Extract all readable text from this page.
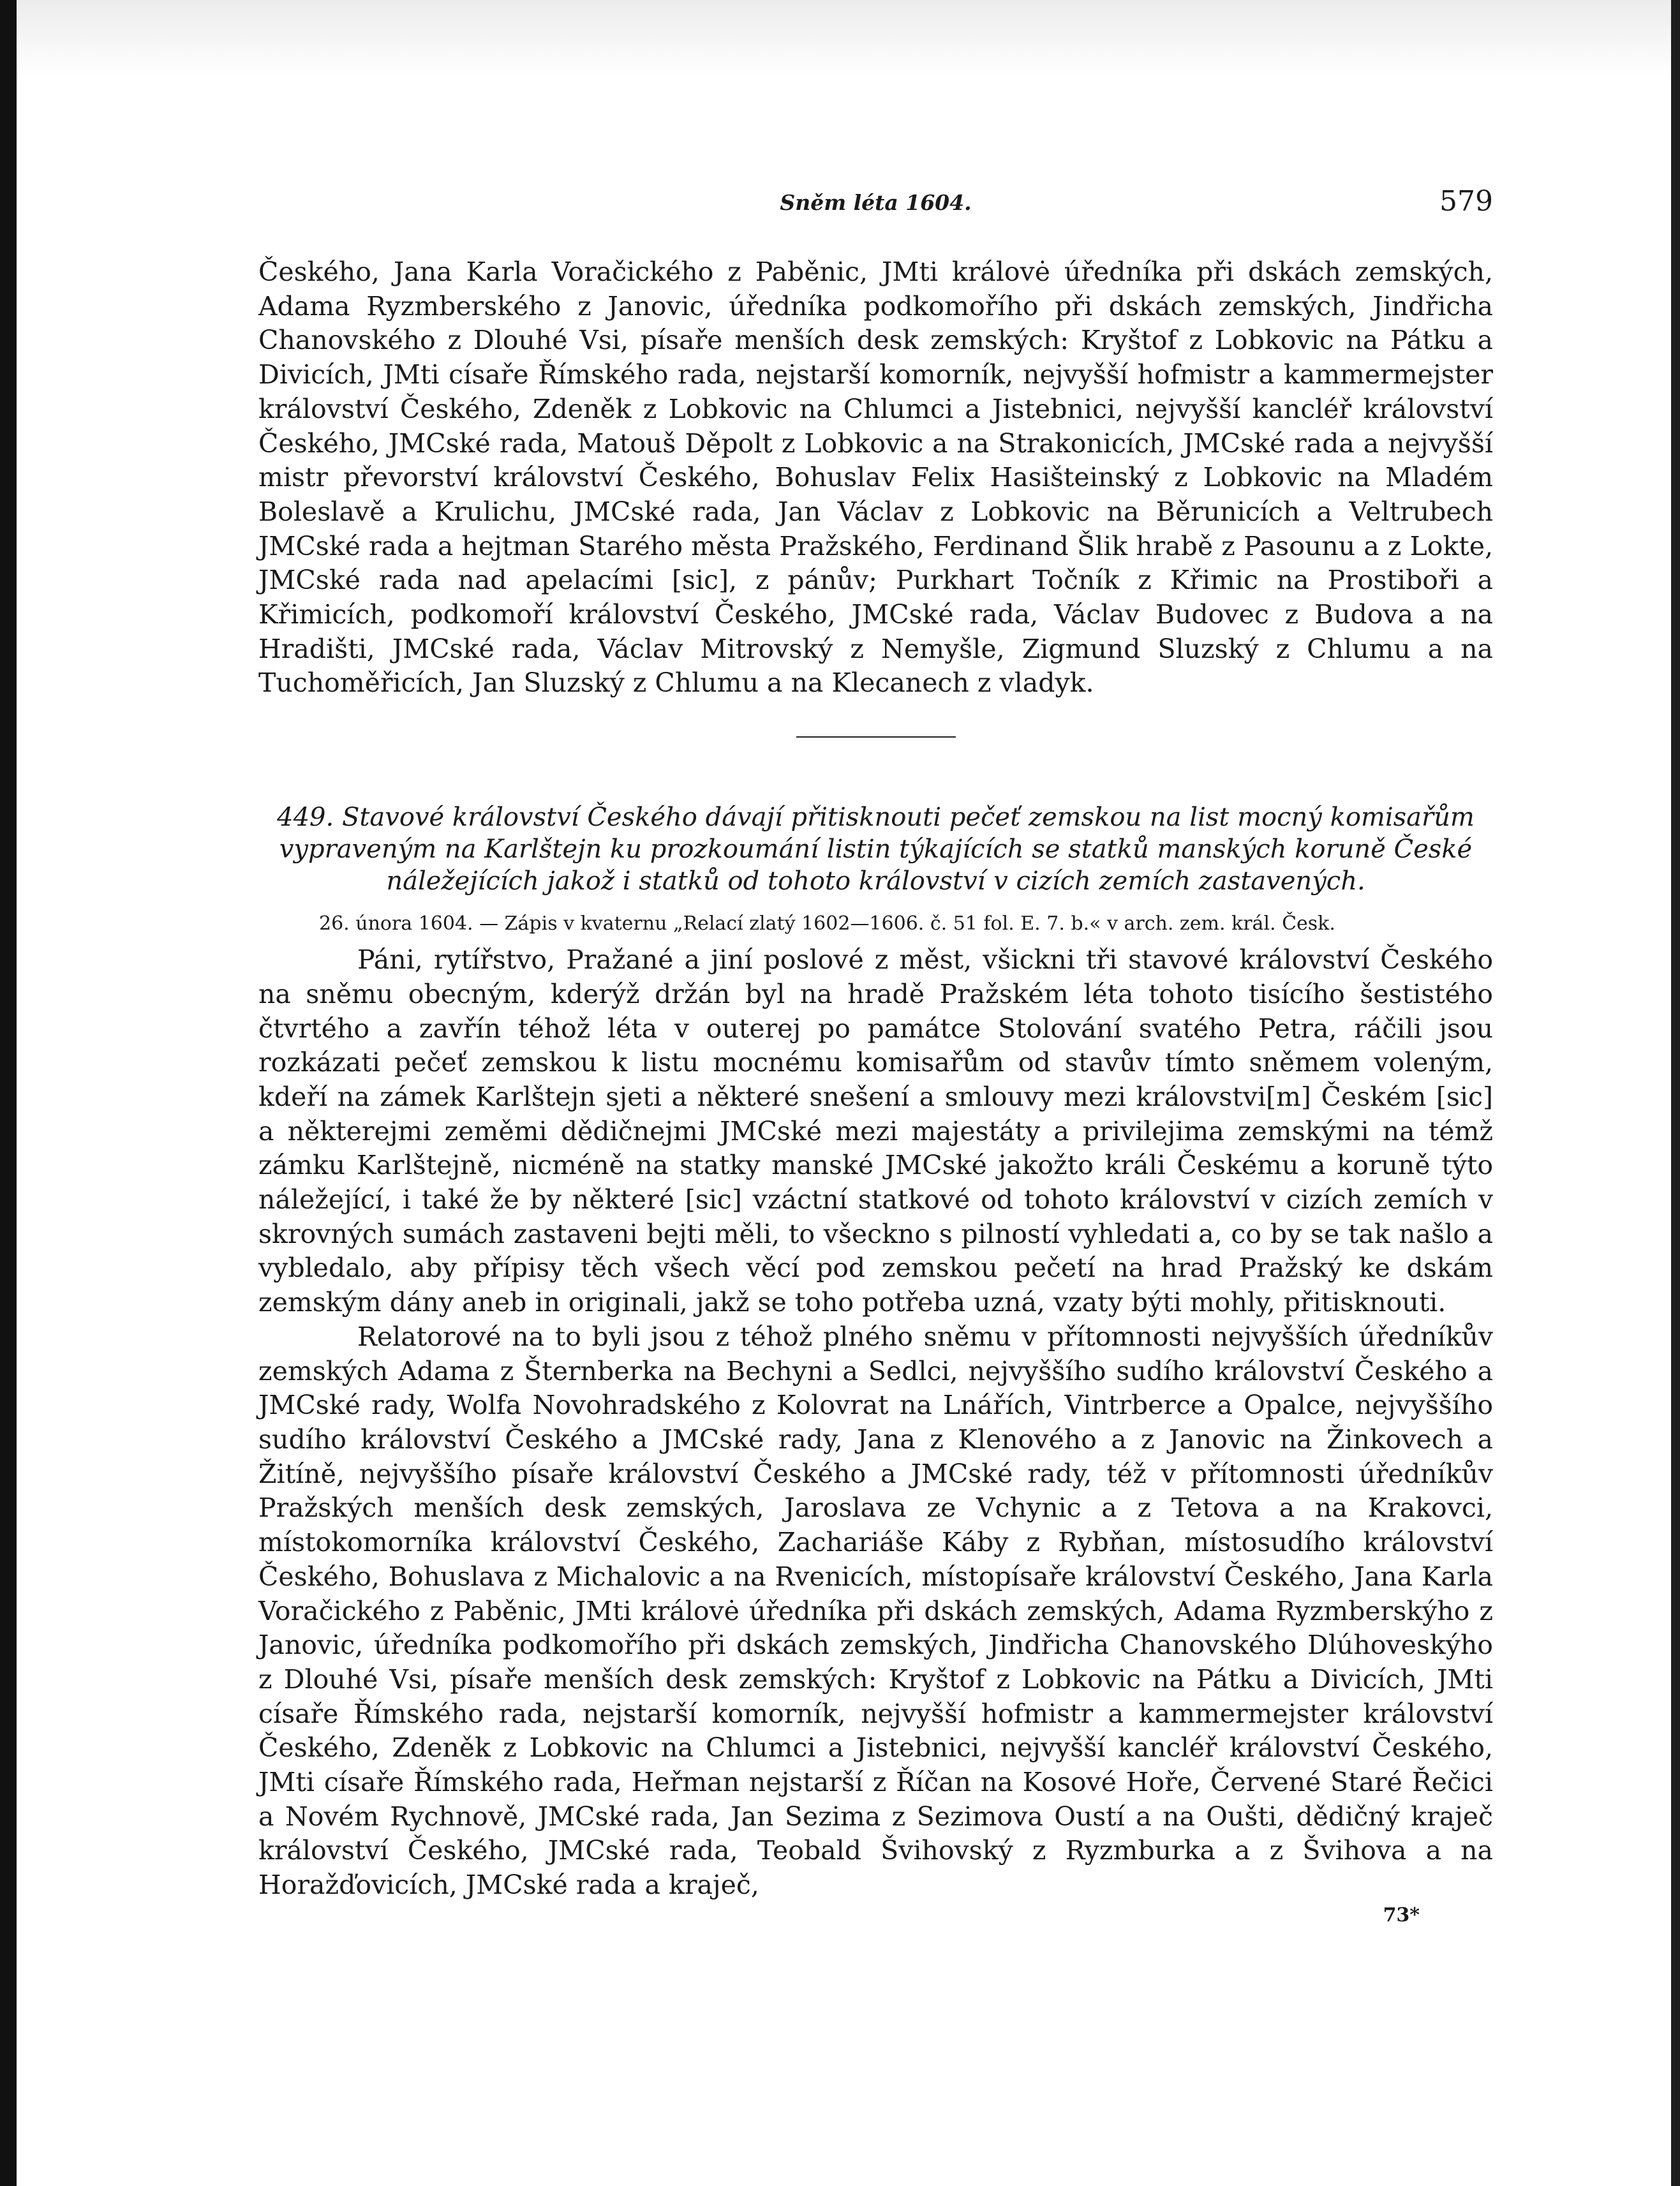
Sněm léta 1604.	579

Českého, Jana Karla Voračického z Paběnic, JMti královė úředníka při dskách zemských, Adama Ryzmberského z Janovic, úředníka podkomořího při dskách zemských, Jindřicha Chanovského z Dlouhé Vsi, písaře menších desk zemských: Kryštof z Lobkovic na Pátku a Divicích, JMti císaře Římského rada, nejstarší komorník, nejvyšší hofmistr a kammermejster království Českého, Zdeněk z Lobkovic na Chlumci a Jistebnici, nejvyšší kancléř království Českého, JMCské rada, Matouš Děpolt z Lobkovic a na Strakonicích, JMCské rada a nejvyšší mistr převorství království Českého, Bohuslav Felix Hasišteinský z Lobkovic na Mladém Boleslavě a Krulichu, JMCské rada, Jan Václav z Lobkovic na Běrunicích a Veltrubech JMCské rada a hejtman Starého města Pražského, Ferdinand Šlik hrabě z Pasounu a z Lokte, JMCské rada nad apelacími [sic], z pánův; Purkhart Točník z Křimic na Prostiboři a Křimicích, podkomoří království Českého, JMCské rada, Václav Budovec z Budova a na Hradišti, JMCské rada, Václav Mitrovský z Nemyšle, Zigmund Sluzský z Chlumu a na Tuchoměřicích, Jan Sluzský z Chlumu a na Klecanech z vladyk.

449. Stavové království Českého dávají přitisknouti pečeť zemskou na list mocný komisařům vypraveným na Karlštejn ku prozkoumání listin týkajících se statků manských koruně České náležejících jakož i statků od tohoto království v cizích zemích zastavených.

26. února 1604. — Zápis v kvaternu „Relací zlatý 1602—1606. č. 51 fol. E. 7. b.« v arch. zem. král. Česk.

Páni, rytířstvo, Pražané a jiní poslové z měst, všickni tři stavové království Českého na sněmu obecným, kderýž držán byl na hradě Pražském léta tohoto tisícího šestistého čtvrtého a zavřín téhož léta v outerej po památce Stolování svatého Petra, ráčili jsou rozkázati pečeť zemskou k listu mocnému komisařům od stavův tímto sněmem voleným, kdeří na zámek Karlštejn sjeti a některé snešení a smlouvy mezi královstvi[m] Českém [sic] a některejmi zeměmi dědičnejmi JMCské mezi majestáty a privilejima zemskými na témž zámku Karlštejně, nicméně na statky manské JMCské jakožto králi Českému a koruně týto náležející, i také že by některé [sic] vzáctní statkové od tohoto království v cizích zemích v skrovných sumách zastaveni bejti měli, to všeckno s pilností vyhledati a, co by se tak našlo a vybledalo, aby přípisy těch všech věcí pod zemskou pečetí na hrad Pražský ke dskám zemským dány aneb in originali, jakž se toho potřeba uzná, vzaty býti mohly, přitisknouti.

Relatorové na to byli jsou z téhož plného sněmu v přítomnosti nejvyšších úředníkův zemských Adama z Šternberka na Bechyni a Sedlci, nejvyššího sudího království Českého a JMCské rady, Wolfa Novohradského z Kolovrat na Lnářích, Vintrberce a Opalce, nejvyššího sudího království Českého a JMCské rady, Jana z Klenového a z Janovic na Žinkovech a Žitíně, nejvyššího písaře království Českého a JMCské rady, též v přítomnosti úředníkův Pražských menších desk zemských, Jaroslava ze Vchynic a z Tetova a na Krakovci, místokomorníka království Českého, Zachariáše Káby z Rybňan, místosudího království Českého, Bohuslava z Michalovic a na Rvenicích, místopísaře království Českého, Jana Karla Voračického z Paběnic, JMti královė úředníka při dskách zemských, Adama Ryzmberskýho z Janovic, úředníka podkomořího při dskách zemských, Jindřicha Chanovského Dlúhoveskýho z Dlouhé Vsi, písaře menších desk zemských: Kryštof z Lobkovic na Pátku a Divicích, JMti císaře Římského rada, nejstarší komorník, nejvyšší hofmistr a kammermejster království Českého, Zdeněk z Lobkovic na Chlumci a Jistebnici, nejvyšší kancléř království Českého, JMti císaře Římského rada, Heřman nejstarší z Říčan na Kosové Hoře, Červené Staré Řečici a Novém Rychnově, JMCské rada, Jan Sezima z Sezimova Oustí a na Oušti, dědičný kraječ království Českého, JMCské rada, Teobald Švihovský z Ryzmburka a z Švihova a na Horažďovicích, JMCské rada a kraječ,

73*
